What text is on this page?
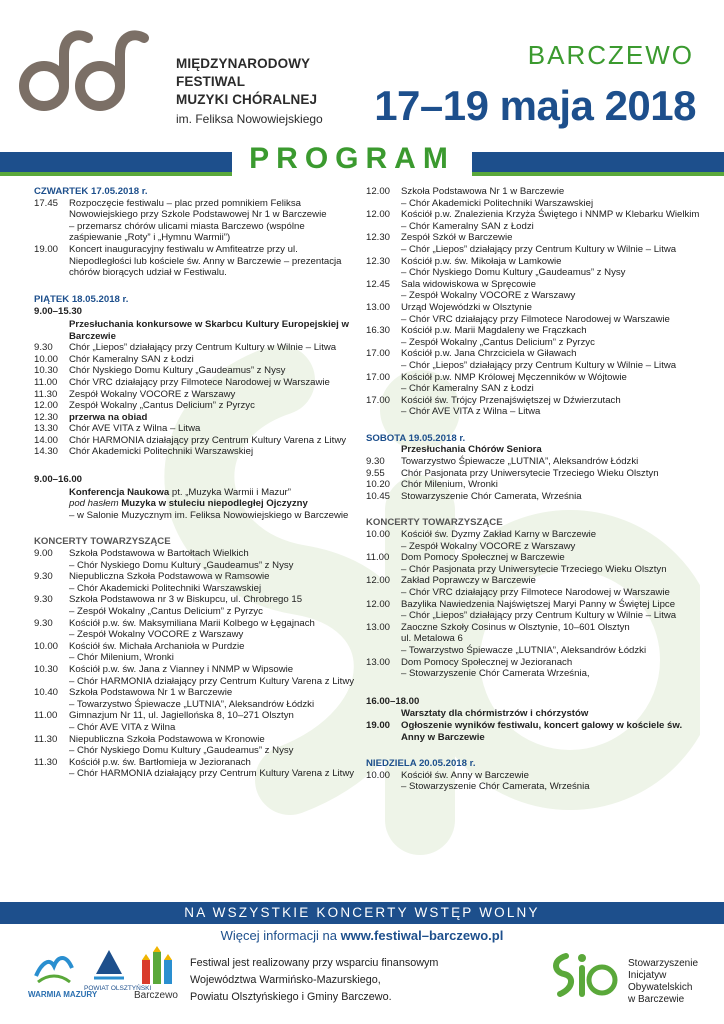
MIĘDZYNARODOWY
FESTIWAL
MUZYKI CHÓRALNEJ
im. Feliksa Nowowiejskiego
BARCZEWO
17–19 maja 2018
PROGRAM
CZWARTEK 17.05.2018 r.
17.45	Rozpoczęcie festiwalu – plac przed pomnikiem Feliksa Nowowiejskiego przy Szkole Podstawowej Nr 1 w Barczewie
– przemarsz chórów ulicami miasta Barczewo (wspólne zaśpiewanie „Roty” i „Hymnu Warmii”)
19.00	Koncert inauguracyjny festiwalu w Amfiteatrze przy ul. Niepodległości lub kościele św. Anny w Barczewie – prezentacja chórów biorących udział w Festiwalu.
PIĄTEK 18.05.2018 r.
9.00–15.30
Przesłuchania konkursowe w Skarbcu Kultury Europejskiej w Barczewie
9.30	Chór „Liepos” działający przy Centrum Kultury w Wilnie – Litwa
10.00	Chór Kameralny SAN z Łodzi
10.30	Chór Nyskiego Domu Kultury „Gaudeamus” z Nysy
11.00	Chór VRC działający przy Filmotece Narodowej w Warszawie
11.30	Zespół Wokalny VOCORE z Warszawy
12.00	Zespół Wokalny „Cantus Delicium” z Pyrzyc
12.30	przerwa na obiad
13.30	Chór AVE VITA z Wilna – Litwa
14.00	Chór HARMONIA działający przy Centrum Kultury Varena z Litwy
14.30	Chór Akademicki Politechniki Warszawskiej
9.00–16.00
Konferencja Naukowa pt. „Muzyka Warmii i Mazur”
pod hasłem Muzyka w stuleciu niepodległej Ojczyzny
– w Salonie Muzycznym im. Feliksa Nowowiejskiego w Barczewie
KONCERTY TOWARZYSZĄCE
9.00	Szkoła Podstawowa w Bartołtach Wielkich
– Chór Nyskiego Domu Kultury „Gaudeamus” z Nysy
9.30	Niepubliczna Szkoła Podstawowa w Ramsowie
– Chór Akademicki Politechniki Warszawskiej
9.30	Szkoła Podstawowa nr 3 w Biskupcu, ul. Chrobrego 15
– Zespół Wokalny „Cantus Delicium” z Pyrzyc
9.30	Kościół p.w. św. Maksymiliana Marii Kolbego w Łęgajnach
– Zespół Wokalny VOCORE z Warszawy
10.00	Kościół św. Michała Archanioła w Purdzie
– Chór Milenium, Wronki
10.30	Kościół p.w. św. Jana z Vianney i NNMP w Wipsowie
– Chór HARMONIA działający przy Centrum Kultury Varena z Litwy
10.40	Szkoła Podstawowa Nr 1 w Barczewie
– Towarzystwo Śpiewacze „LUTNIA”, Aleksandrów Łódzki
11.00	Gimnazjum Nr 11, ul. Jagiellońska 8, 10–271 Olsztyn
– Chór AVE VITA z Wilna
11.30	Niepubliczna Szkoła Podstawowa w Kronowie
– Chór Nyskiego Domu Kultury „Gaudeamus” z Nysy
11.30	Kościół p.w. św. Bartłomieja w Jezioranach
– Chór HARMONIA działający przy Centrum Kultury Varena z Litwy
12.00	Szkoła Podstawowa Nr 1 w Barczewie
– Chór Akademicki Politechniki Warszawskiej
12.00	Kościół p.w. Znalezienia Krzyża Świętego i NNMP w Klebarku Wielkim
– Chór Kameralny SAN z Łodzi
12.30	Zespół Szkół w Barczewie
– Chór „Liepos” działający przy Centrum Kultury w Wilnie – Litwa
12.30	Kościół p.w. św. Mikołaja w Lamkowie
– Chór Nyskiego Domu Kultury „Gaudeamus” z Nysy
12.45	Sala widowiskowa w Spręcowie
– Zespół Wokalny VOCORE z Warszawy
13.00	Urząd Wojewódzki w Olsztynie
– Chór VRC działający przy Filmotece Narodowej w Warszawie
16.30	Kościół p.w. Marii Magdaleny we Frączkach
– Zespół Wokalny „Cantus Delicium” z Pyrzyc
17.00	Kościół p.w. Jana Chrzciciela w Giławach
– Chór „Liepos” działający przy Centrum Kultury w Wilnie – Litwa
17.00	Kościół p.w. NMP Królowej Męczenników w Wójtowie
– Chór Kameralny SAN z Łodzi
17.00	Kościół św. Trójcy Przenajświętszej w Dźwierzutach
– Chór AVE VITA z Wilna – Litwa
SOBOTA 19.05.2018 r.
Przesłuchania Chórów Seniora
9.30	Towarzystwo Śpiewacze „LUTNIA”, Aleksandrów Łódzki
9.55	Chór Pasjonata przy Uniwersytecie Trzeciego Wieku Olsztyn
10.20	Chór Milenium, Wronki
10.45	Stowarzyszenie Chór Camerata, Września
KONCERTY TOWARZYSZĄCE
10.00	Kościół św. Dyzmy Zakład Karny w Barczewie
– Zespół Wokalny VOCORE z Warszawy
11.00	Dom Pomocy Społecznej w Barczewie
– Chór Pasjonata przy Uniwersytecie Trzeciego Wieku Olsztyn
12.00	Zakład Poprawczy w Barczewie
– Chór VRC działający przy Filmotece Narodowej w Warszawie
12.00	Bazylika Nawiedzenia Najświętszej Maryi Panny w Świętej Lipce
– Chór „Liepos” działający przy Centrum Kultury w Wilnie – Litwa
13.00	Zaoczne Szkoły Cosinus w Olsztynie, 10–601 Olsztyn
ul. Metalowa 6
– Towarzystwo Śpiewacze „LUTNIA”, Aleksandrów Łódzki
13.00	Dom Pomocy Społecznej w Jezioranach
– Stowarzyszenie Chór Camerata Września,
16.00–18.00
Warsztaty dla chórmistrzów i chórzystów
19.00	Ogłoszenie wyników festiwalu, koncert galowy w kościele św. Anny w Barczewie
NIEDZIELA 20.05.2018 r.
10.00	Kościół św. Anny w Barczewie
– Stowarzyszenie Chór Camerata, Września
NA WSZYSTKIE KONCERTY WSTĘP WOLNY
Więcej informacji na www.festiwal–barczewo.pl
WARMIA MAZURY
POWIAT OLSZTYŃSKI
Barczewo
Festiwal jest realizowany przy wsparciu finansowym
Województwa Warmińsko-Mazurskiego,
Powiatu Olsztyńskiego i Gminy Barczewo.
Stowarzyszenie
Inicjatyw
Obywatelskich
w Barczewie
